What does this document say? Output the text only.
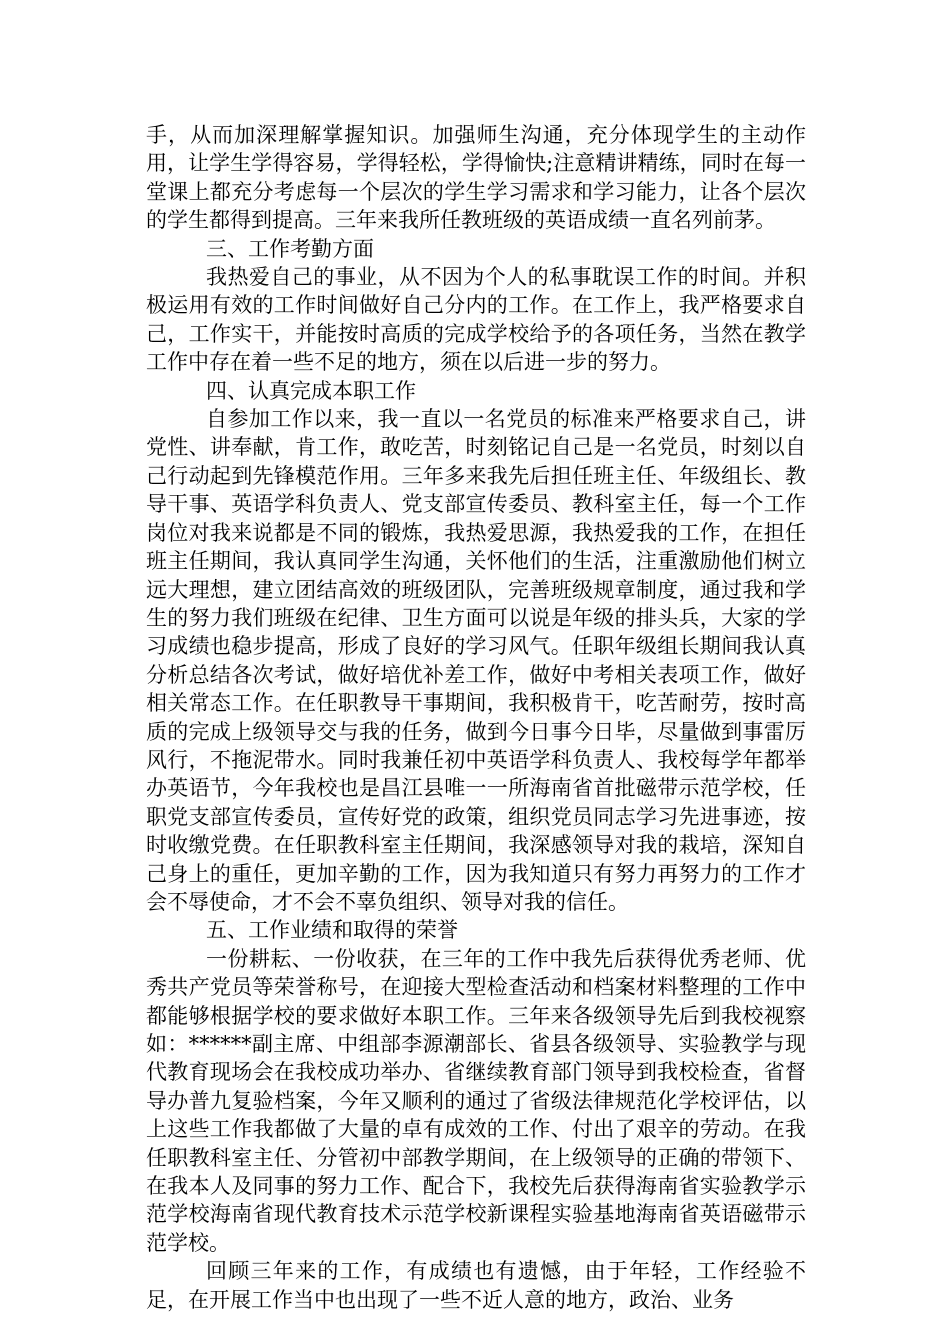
手，从而加深理解掌握知识。加强师生沟通，充分体现学生的主动作用，让学生学得容易，学得轻松，学得愉快;注意精讲精练，同时在每一堂课上都充分考虑每一个层次的学生学习需求和学习能力，让各个层次的学生都得到提高。三年来我所任教班级的英语成绩一直名列前茅。

三、工作考勤方面

我热爱自己的事业，从不因为个人的私事耽误工作的时间。并积极运用有效的工作时间做好自己分内的工作。在工作上，我严格要求自己，工作实干，并能按时高质的完成学校给予的各项任务，当然在教学工作中存在着一些不足的地方，须在以后进一步的努力。

四、认真完成本职工作

自参加工作以来，我一直以一名党员的标准来严格要求自己，讲党性、讲奉献，肯工作，敢吃苦，时刻铭记自己是一名党员，时刻以自己行动起到先锋模范作用。三年多来我先后担任班主任、年级组长、教导干事、英语学科负责人、党支部宣传委员、教科室主任，每一个工作岗位对我来说都是不同的锻炼，我热爱思源，我热爱我的工作，在担任班主任期间，我认真同学生沟通，关怀他们的生活，注重激励他们树立远大理想，建立团结高效的班级团队，完善班级规章制度，通过我和学生的努力我们班级在纪律、卫生方面可以说是年级的排头兵，大家的学习成绩也稳步提高，形成了良好的学习风气。任职年级组长期间我认真分析总结各次考试，做好培优补差工作，做好中考相关表项工作，做好相关常态工作。在任职教导干事期间，我积极肯干，吃苦耐劳，按时高质的完成上级领导交与我的任务，做到今日事今日毕，尽量做到事雷厉风行，不拖泥带水。同时我兼任初中英语学科负责人、我校每学年都举办英语节，今年我校也是昌江县唯一一所海南省首批磁带示范学校，任职党支部宣传委员，宣传好党的政策，组织党员同志学习先进事迹，按时收缴党费。在任职教科室主任期间，我深感领导对我的栽培，深知自己身上的重任，更加辛勤的工作，因为我知道只有努力再努力的工作才会不辱使命，才不会不辜负组织、领导对我的信任。

五、工作业绩和取得的荣誉

一份耕耘、一份收获，在三年的工作中我先后获得优秀老师、优秀共产党员等荣誉称号，在迎接大型检查活动和档案材料整理的工作中都能够根据学校的要求做好本职工作。三年来各级领导先后到我校视察如：******副主席、中组部李源潮部长、省县各级领导、实验教学与现代教育现场会在我校成功举办、省继续教育部门领导到我校检查，省督导办普九复验档案，今年又顺利的通过了省级法律规范化学校评估，以上这些工作我都做了大量的卓有成效的工作、付出了艰辛的劳动。在我任职教科室主任、分管初中部教学期间，在上级领导的正确的带领下、在我本人及同事的努力工作、配合下，我校先后获得海南省实验教学示范学校海南省现代教育技术示范学校新课程实验基地海南省英语磁带示范学校。

回顾三年来的工作，有成绩也有遗憾，由于年轻，工作经验不足，在开展工作当中也出现了一些不近人意的地方，政治、业务
